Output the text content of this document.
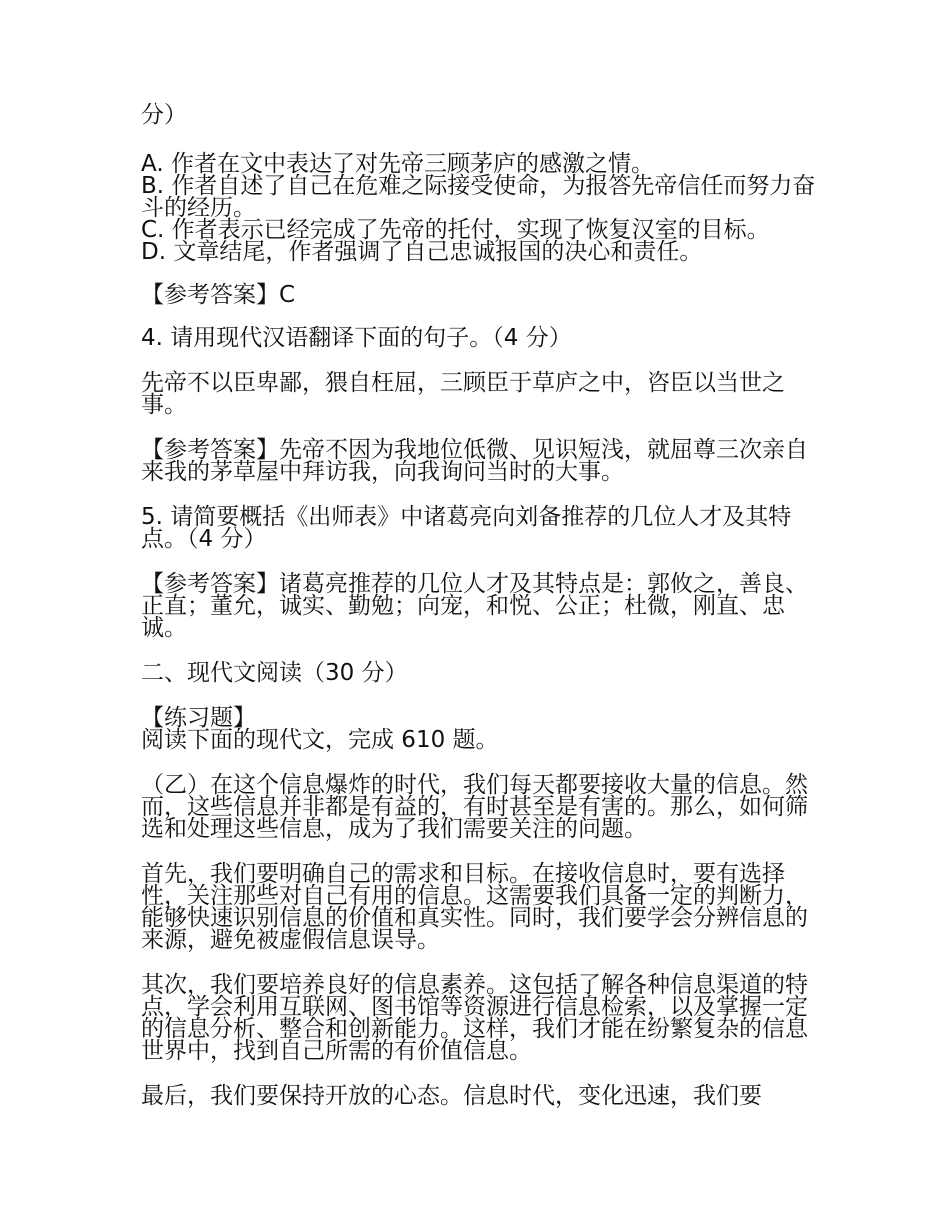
分）

A. 作者在文中表达了对先帝三顾茅庐的感激之情。

B. 作者自述了自己在危难之际接受使命，为报答先帝信任而努力奋斗的经历。

C. 作者表示已经完成了先帝的托付，实现了恢复汉室的目标。

D. 文章结尾，作者强调了自己忠诚报国的决心和责任。

【参考答案】C

4. 请用现代汉语翻译下面的句子。（4 分）

先帝不以臣卑鄙，猥自枉屈，三顾臣于草庐之中，咨臣以当世之事。

【参考答案】先帝不因为我地位低微、见识短浅，就屈尊三次亲自来我的茅草屋中拜访我，向我询问当时的大事。

5. 请简要概括《出师表》中诸葛亮向刘备推荐的几位人才及其特点。（4 分）

【参考答案】诸葛亮推荐的几位人才及其特点是：郭攸之，善良、正直；董允，诚实、勤勉；向宠，和悦、公正；杜微，刚直、忠诚。

二、现代文阅读（30 分）

【练习题】

阅读下面的现代文，完成 610 题。

（乙）在这个信息爆炸的时代，我们每天都要接收大量的信息。然而，这些信息并非都是有益的，有时甚至是有害的。那么，如何筛选和处理这些信息，成为了我们需要关注的问题。

首先，我们要明确自己的需求和目标。在接收信息时，要有选择性，关注那些对自己有用的信息。这需要我们具备一定的判断力，能够快速识别信息的价值和真实性。同时，我们要学会分辨信息的来源，避免被虚假信息误导。

其次，我们要培养良好的信息素养。这包括了解各种信息渠道的特点，学会利用互联网、图书馆等资源进行信息检索，以及掌握一定的信息分析、整合和创新能力。这样，我们才能在纷繁复杂的信息世界中，找到自己所需的有价值信息。

最后，我们要保持开放的心态。信息时代，变化迅速，我们要
